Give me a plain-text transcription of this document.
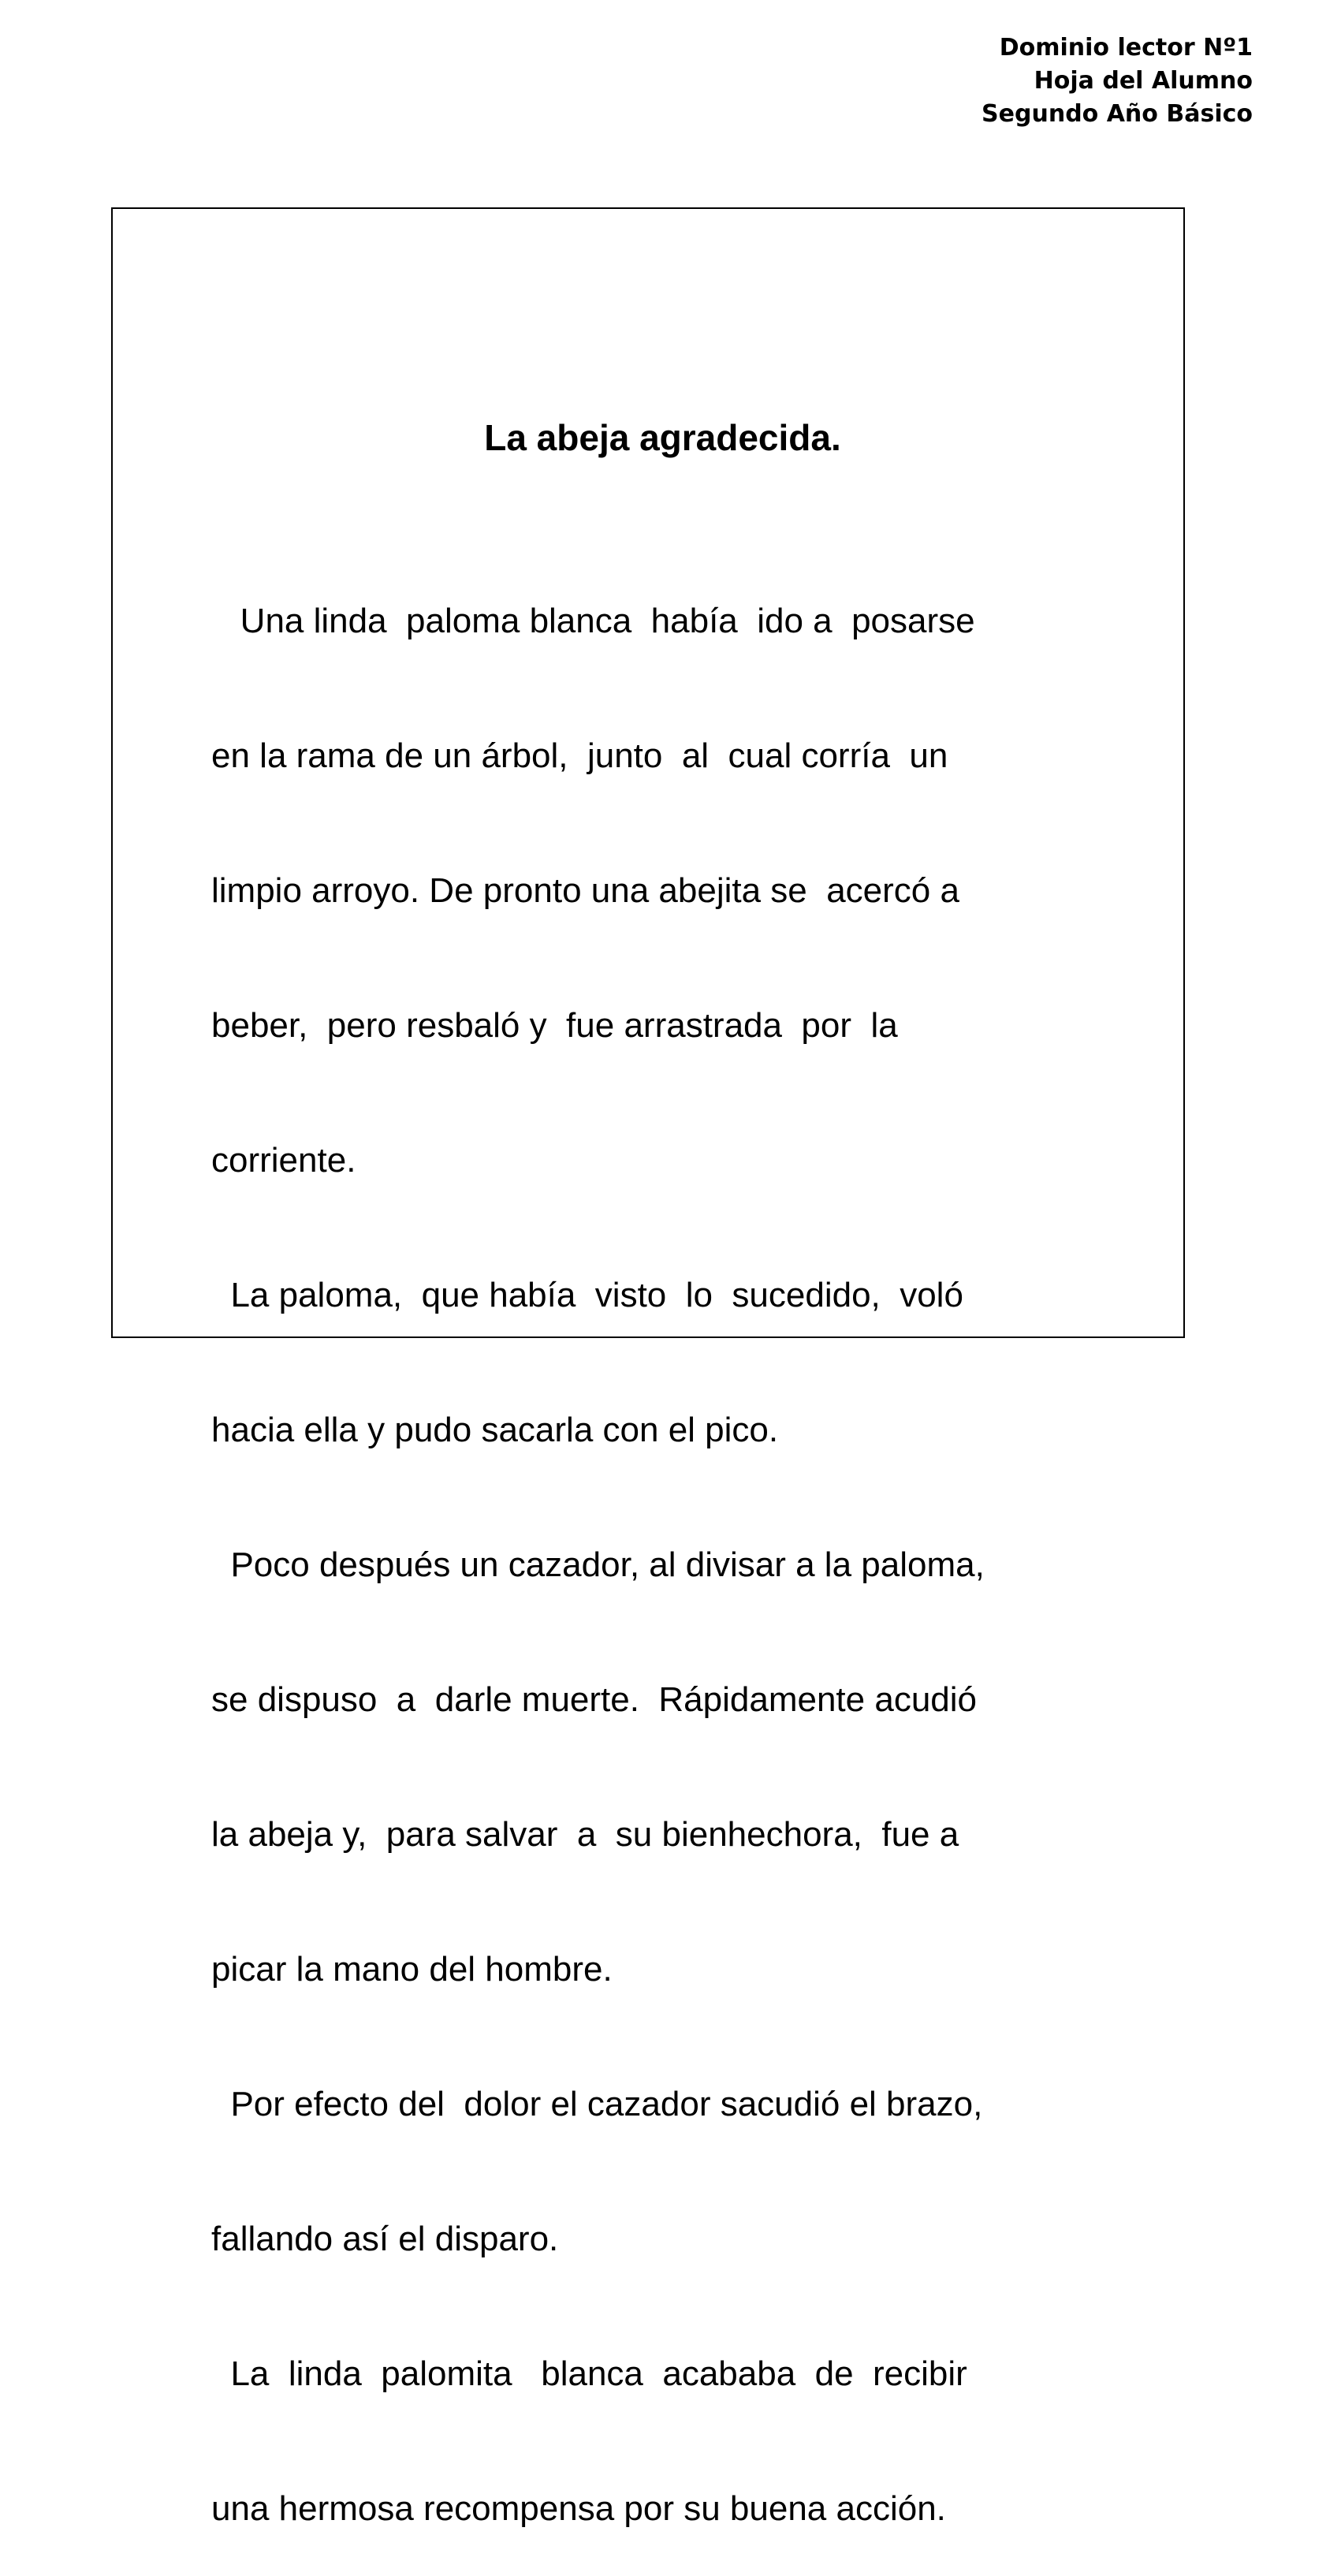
Dominio lector Nº1
Hoja del Alumno
Segundo Año Básico
La abeja agradecida.

Una linda  paloma blanca  había  ido a  posarse

en la rama de un árbol,  junto  al  cual corría  un

limpio arroyo. De pronto una abejita se  acercó a

beber,  pero resbaló y  fue arrastrada  por  la

corriente.

La paloma,  que había  visto  lo  sucedido,  voló

hacia ella y pudo sacarla con el pico.

Poco después un cazador, al divisar a la paloma,

se dispuso  a  darle muerte.  Rápidamente acudió

la abeja y,  para salvar  a  su bienhechora,  fue a

picar la mano del hombre.

Por efecto del  dolor el cazador sacudió el brazo,

fallando así el disparo.

La  linda  palomita   blanca  acababa  de  recibir

una hermosa recompensa por su buena acción.
